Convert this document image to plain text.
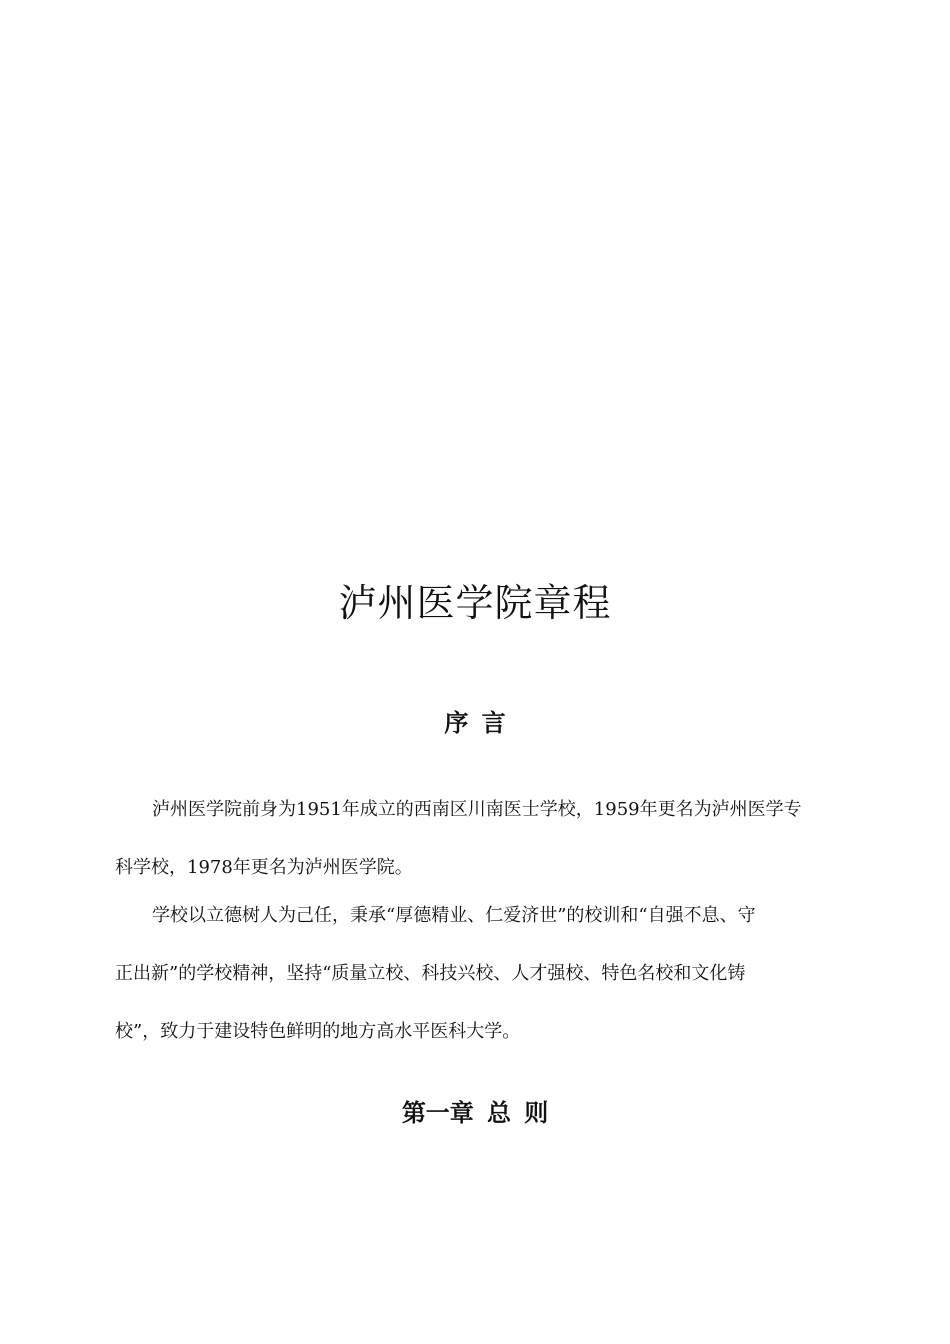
泸州医学院章程
序 言
泸州医学院前身为1951年成立的西南区川南医士学校，1959年更名为泸州医学专
科学校，1978年更名为泸州医学院。
学校以立德树人为己任，秉承“厚德精业、仁爱济世”的校训和“自强不息、守
正出新”的学校精神，坚持“质量立校、科技兴校、人才强校、特色名校和文化铸
校”，致力于建设特色鲜明的地方高水平医科大学。
第一章 总 则
